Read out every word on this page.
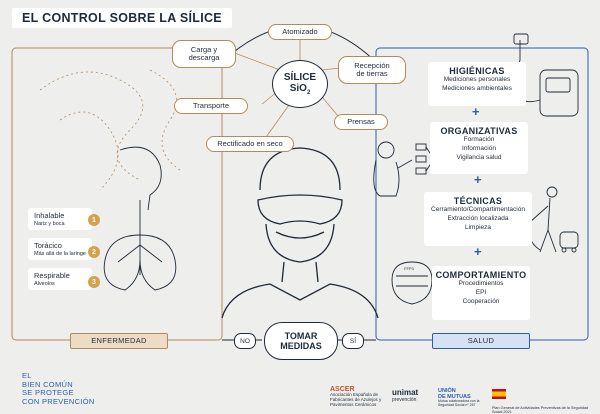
EL CONTROL SOBRE LA SÍLICE
Atomizado
Carga y
descarga
Recepción
de tierras
Transporte
Prensas
Rectificado en seco
SÍLICE
SiO$_2$
Inhalable
Nariz y boca
1
Torácico
Más allá de la laringe 2
Respirable
Alveolos	3
ENFERMEDAD
HIGIÉNICAS
Mediciones personales
Mediciones ambientales
+
ORGANIZATIVAS
Formación
Información
Vigilancia salud
+
TÉCNICAS
Cerramiento/Compartimentación
Extracción localizada
Limpieza
+
COMPORTAMIENTO
Procedimientos
EPI
Cooperación
FFP3
SALUD
NO	TOMAR
MEDIDAS	SÍ
EL
BIEN COMÚN
SE PROTEGE
CON PREVENCIÓN
ASCER
Asociación Española de
Fabricantes de Azulejos y
Pavimentos Cerámicos
unimat
prevención
UNIÓN
DE MUTUAS
Mutua colaboradora con la Seguridad Social nº 267
Plan General de Actividades Preventivas de la Seguridad Social 2021
